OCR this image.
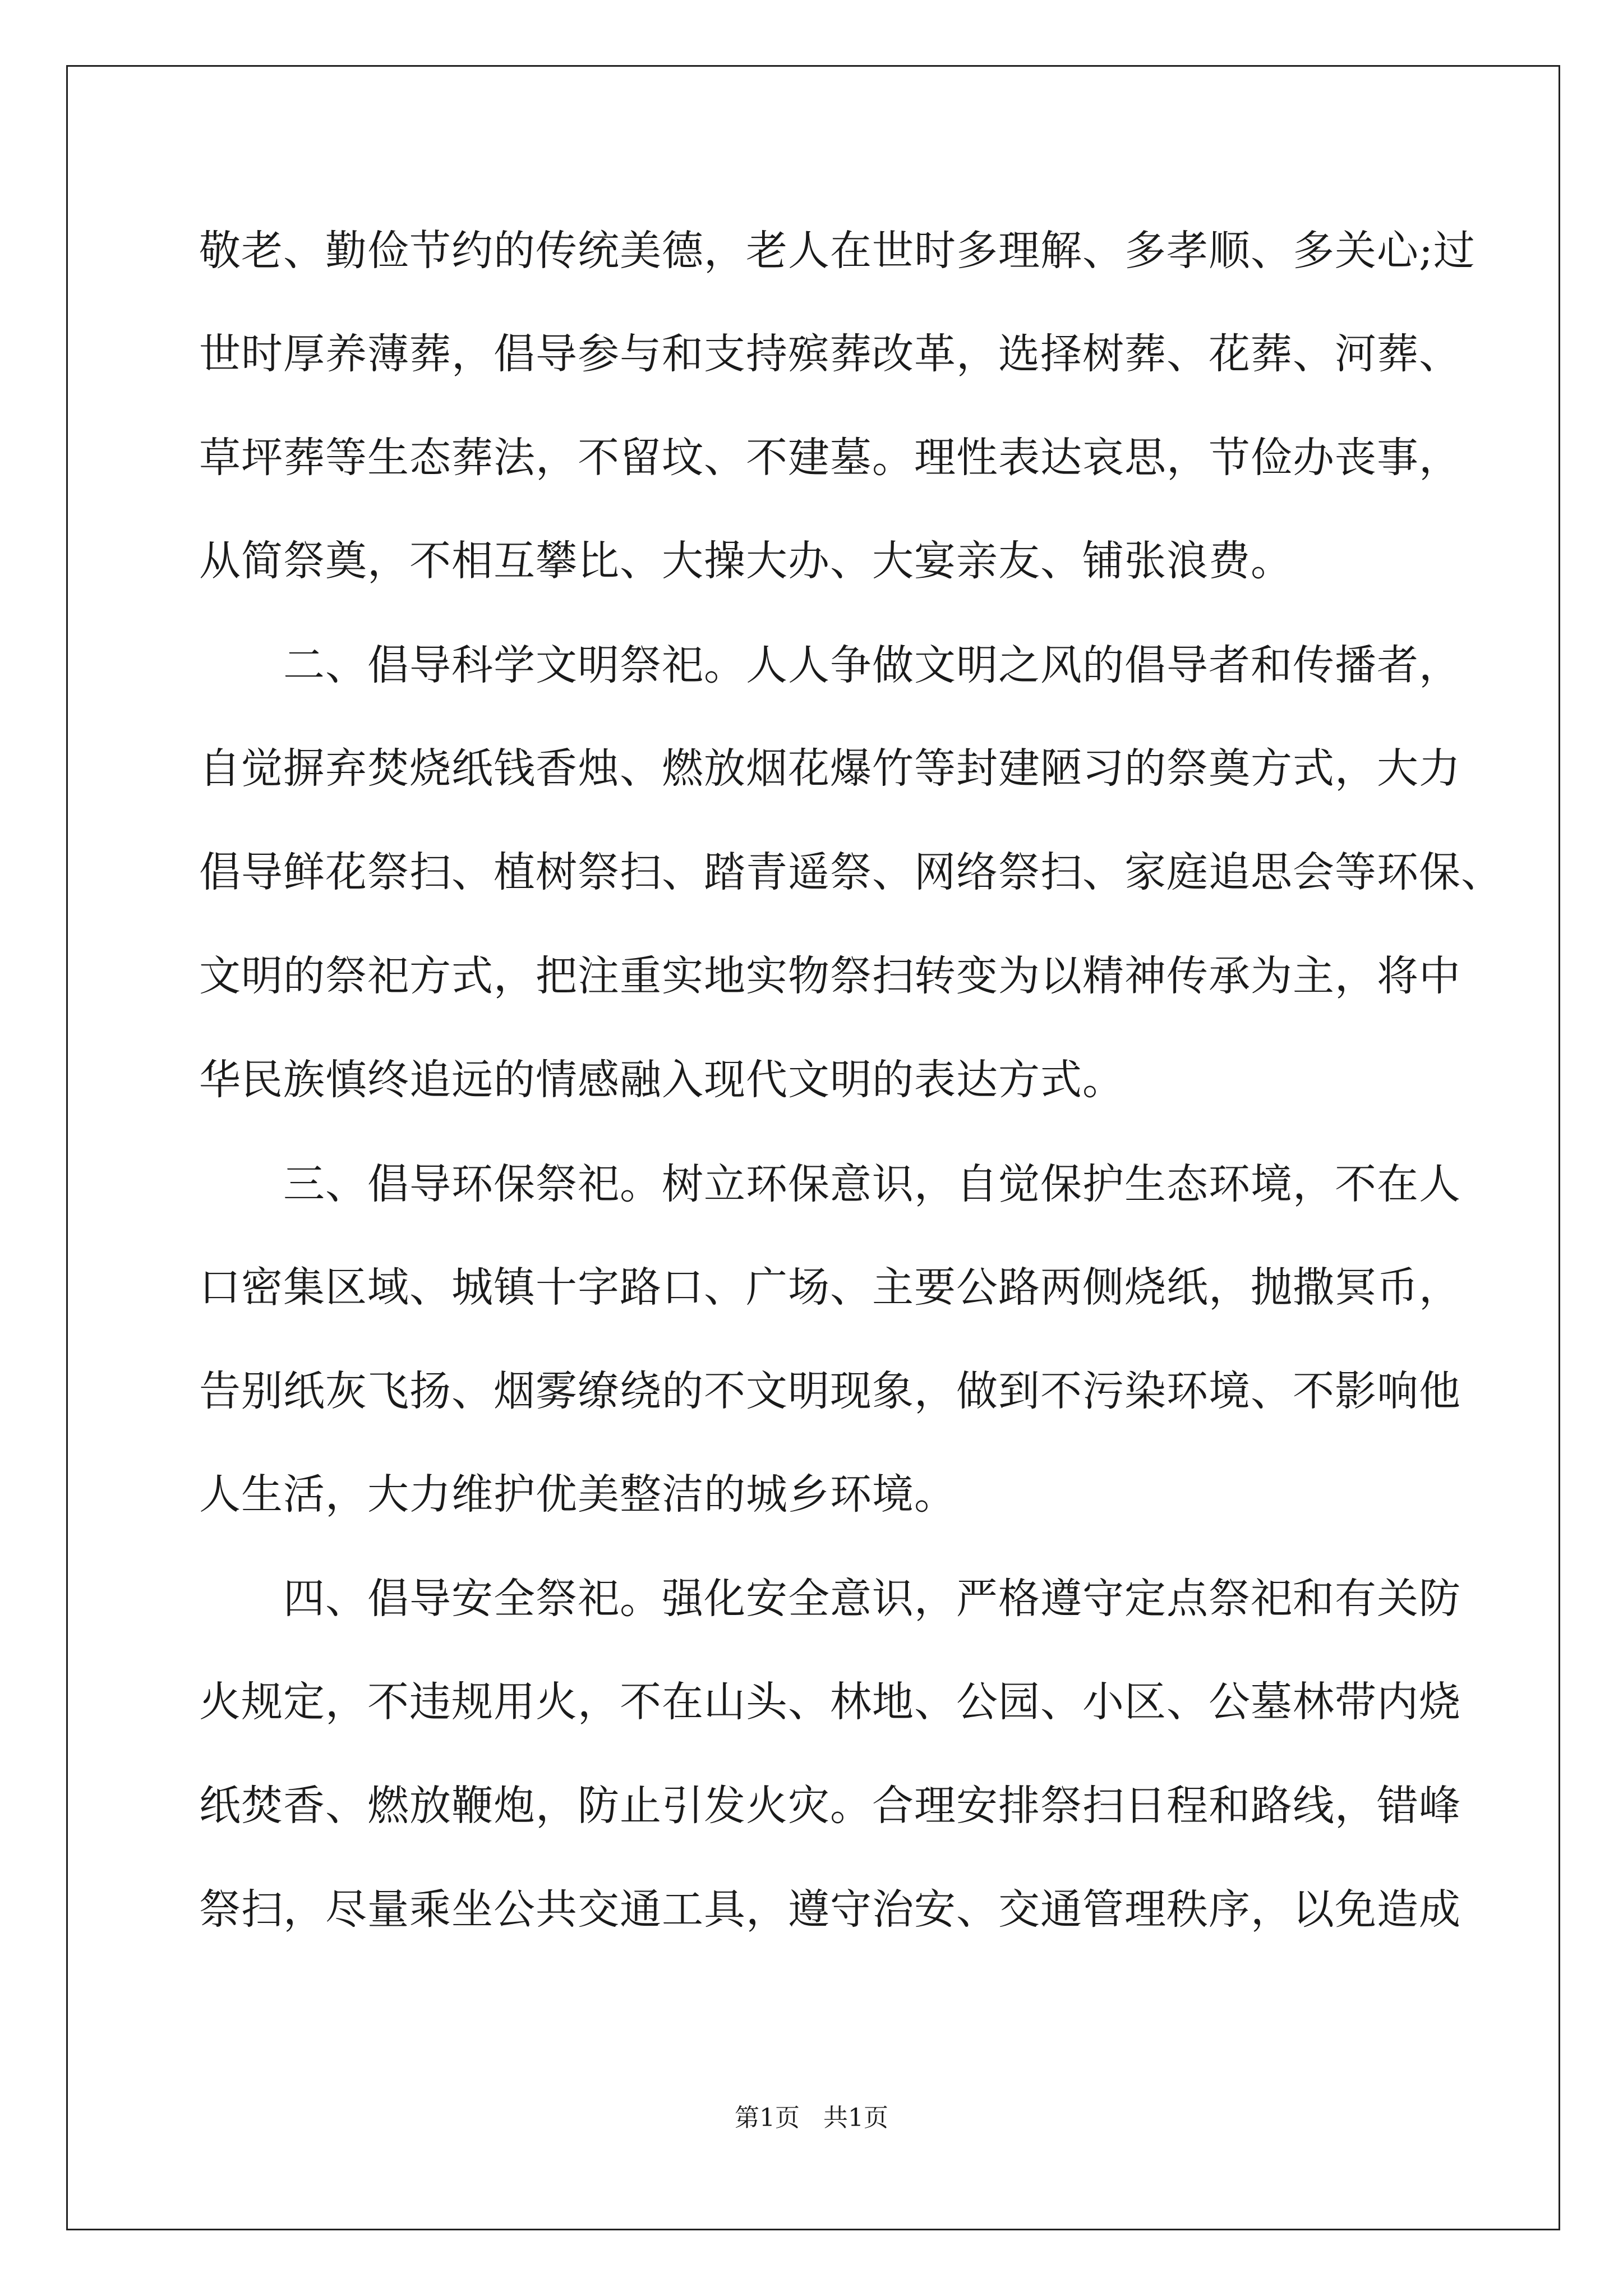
敬老、勤俭节约的传统美德，老人在世时多理解、多孝顺、多关心;过
世时厚养薄葬，倡导参与和支持殡葬改革，选择树葬、花葬、河葬、
草坪葬等生态葬法，不留坟、不建墓。理性表达哀思，节俭办丧事，
从简祭奠，不相互攀比、大操大办、大宴亲友、铺张浪费。
　　二、倡导科学文明祭祀。人人争做文明之风的倡导者和传播者，
自觉摒弃焚烧纸钱香烛、燃放烟花爆竹等封建陋习的祭奠方式，大力
倡导鲜花祭扫、植树祭扫、踏青遥祭、网络祭扫、家庭追思会等环保、
文明的祭祀方式，把注重实地实物祭扫转变为以精神传承为主，将中
华民族慎终追远的情感融入现代文明的表达方式。
　　三、倡导环保祭祀。树立环保意识，自觉保护生态环境，不在人
口密集区域、城镇十字路口、广场、主要公路两侧烧纸，抛撒冥币，
告别纸灰飞扬、烟雾缭绕的不文明现象，做到不污染环境、不影响他
人生活，大力维护优美整洁的城乡环境。
　　四、倡导安全祭祀。强化安全意识，严格遵守定点祭祀和有关防
火规定，不违规用火，不在山头、林地、公园、小区、公墓林带内烧
纸焚香、燃放鞭炮，防止引发火灾。合理安排祭扫日程和路线，错峰
祭扫，尽量乘坐公共交通工具，遵守治安、交通管理秩序，以免造成
第1页   共1页
